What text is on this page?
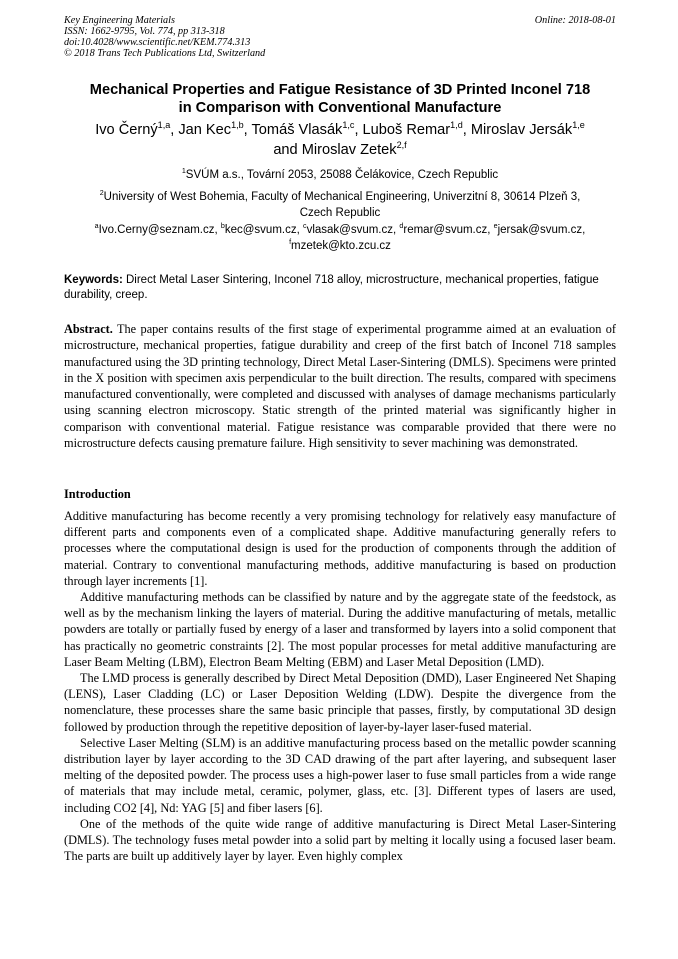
Key Engineering Materials
ISSN: 1662-9795, Vol. 774, pp 313-318
doi:10.4028/www.scientific.net/KEM.774.313
© 2018 Trans Tech Publications Ltd, Switzerland
Online: 2018-08-01
Mechanical Properties and Fatigue Resistance of 3D Printed Inconel 718
in Comparison with Conventional Manufacture
Ivo Černý$^{1,a}$, Jan Kec$^{1,b}$, Tomáš Vlasák$^{1,c}$, Luboš Remar$^{1,d}$, Miroslav Jersák$^{1,e}$
and Miroslav Zetek$^{2,f}$
$^1$SVÚM a.s., Tovární 2053, 25088 Čelákovice, Czech Republic
$^2$University of West Bohemia, Faculty of Mechanical Engineering, Univerzitní 8, 30614 Plzeň 3,
Czech Republic
$^a$Ivo.Cerny@seznam.cz, $^b$kec@svum.cz, $^c$vlasak@svum.cz, $^d$remar@svum.cz, $^e$jersak@svum.cz,
$^f$mzetek@kto.zcu.cz
Keywords: Direct Metal Laser Sintering, Inconel 718 alloy, microstructure, mechanical properties, fatigue durability, creep.
Abstract. The paper contains results of the first stage of experimental programme aimed at an evaluation of microstructure, mechanical properties, fatigue durability and creep of the first batch of Inconel 718 samples manufactured using the 3D printing technology, Direct Metal Laser-Sintering (DMLS). Specimens were printed in the X position with specimen axis perpendicular to the built direction. The results, compared with specimens manufactured conventionally, were completed and discussed with analyses of damage mechanisms particularly using scanning electron microscopy. Static strength of the printed material was significantly higher in comparison with conventional material. Fatigue resistance was comparable provided that there were no microstructure defects causing premature failure. High sensitivity to sever machining was demonstrated.
Introduction

Additive manufacturing has become recently a very promising technology for relatively easy manufacture of different parts and components even of a complicated shape. Additive manufacturing generally refers to processes where the computational design is used for the production of components through the addition of material. Contrary to conventional manufacturing methods, additive manufacturing is based on production through layer increments [1].

Additive manufacturing methods can be classified by nature and by the aggregate state of the feedstock, as well as by the mechanism linking the layers of material. During the additive manufacturing of metals, metallic powders are totally or partially fused by energy of a laser and transformed by layers into a solid component that has practically no geometric constraints [2]. The most popular processes for metal additive manufacturing are Laser Beam Melting (LBM), Electron Beam Melting (EBM) and Laser Metal Deposition (LMD).

The LMD process is generally described by Direct Metal Deposition (DMD), Laser Engineered Net Shaping (LENS), Laser Cladding (LC) or Laser Deposition Welding (LDW). Despite the divergence from the nomenclature, these processes share the same basic principle that passes, firstly, by computational 3D design followed by production through the repetitive deposition of layer-by-layer laser-fused material.

Selective Laser Melting (SLM) is an additive manufacturing process based on the metallic powder scanning distribution layer by layer according to the 3D CAD drawing of the part after layering, and subsequent laser melting of the deposited powder. The process uses a high-power laser to fuse small particles from a wide range of materials that may include metal, ceramic, polymer, glass, etc. [3]. Different types of lasers are used, including CO2 [4], Nd: YAG [5] and fiber lasers [6].

One of the methods of the quite wide range of additive manufacturing is Direct Metal Laser-Sintering (DMLS). The technology fuses metal powder into a solid part by melting it locally using a focused laser beam. The parts are built up additively layer by layer. Even highly complex
